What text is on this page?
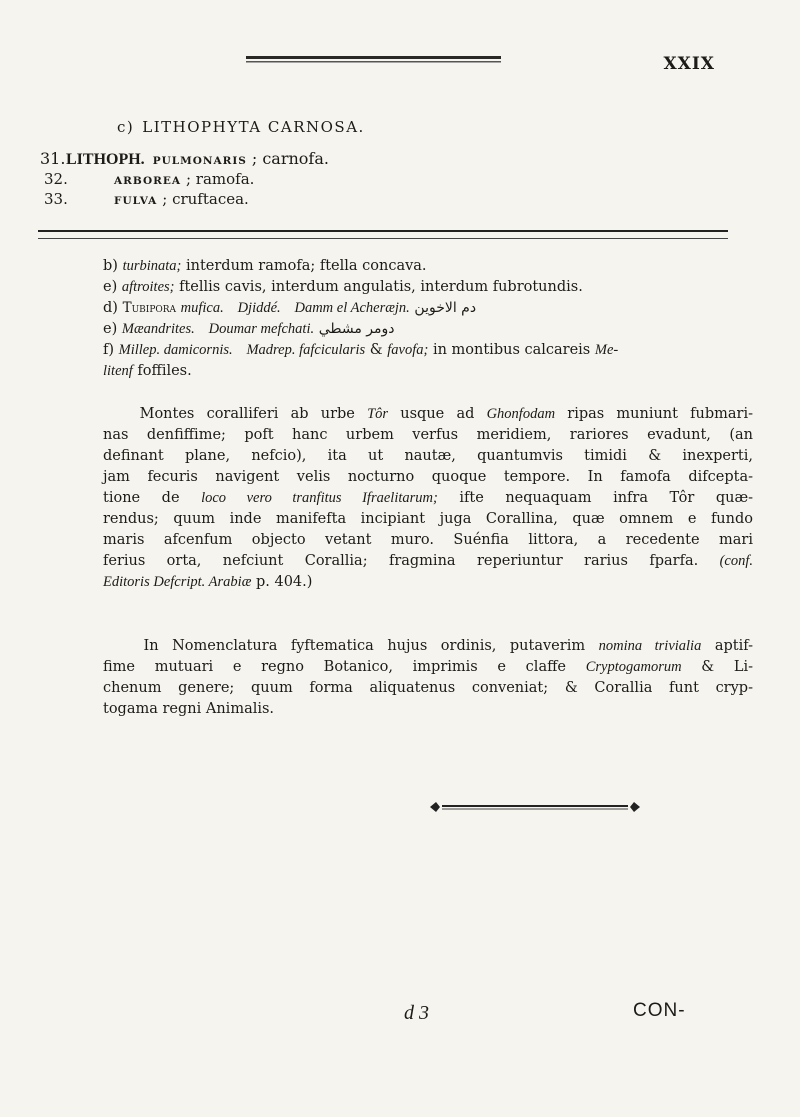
XXIX
c) LITHOPHYTA CARNOSA.
31.LITHOPH. PULMONARIS ; carnofa.
32.	ARBOREA ; ramofa.
33.	FULVA ; cruftacea.
b) turbinata; interdum ramofa; ftella concava.
e) aftroites; ftellis cavis, interdum angulatis, interdum fubrotundis.
d) Tubipora mufica. Djiddé. Damm el Acheræjn. دم الاخوين
e) Mæandrites. Doumar mefchati. دومر مشطي
f) Millep. damicornis. Madrep. fafcicularis & favofa; in montibus calcareis Me-
litenf foffiles.
Montes coralliferi ab urbe Tôr usque ad Ghonfodam ripas muniunt fubmari-
nas denfiffime; poft hanc urbem verfus meridiem, rariores evadunt, (an
definant plane, nefcio), ita ut nautæ, quantumvis timidi & inexperti,
jam fecuris navigent velis nocturno quoque tempore. In famofa difcepta-
tione de loco vero tranfitus Ifraelitarum; ifte nequaquam infra Tôr quæ-
rendus; quum inde manifefta incipiant juga Corallina, quæ omnem e fundo
maris afcenfum objecto vetant muro. Suénfia littora, a recedente mari
ferius orta, nefciunt Corallia; fragmina reperiuntur rarius fparfa. (conf.
Editoris Defcript. Arabiæ p. 404.)
In Nomenclatura fyftematica hujus ordinis, putaverim nomina trivialia aptif-
fime mutuari e regno Botanico, imprimis e claffe Cryptogamorum & Li-
chenum genere; quum forma aliquatenus conveniat; & Corallia funt cryp-
togama regni Animalis.
d 3	CON-
